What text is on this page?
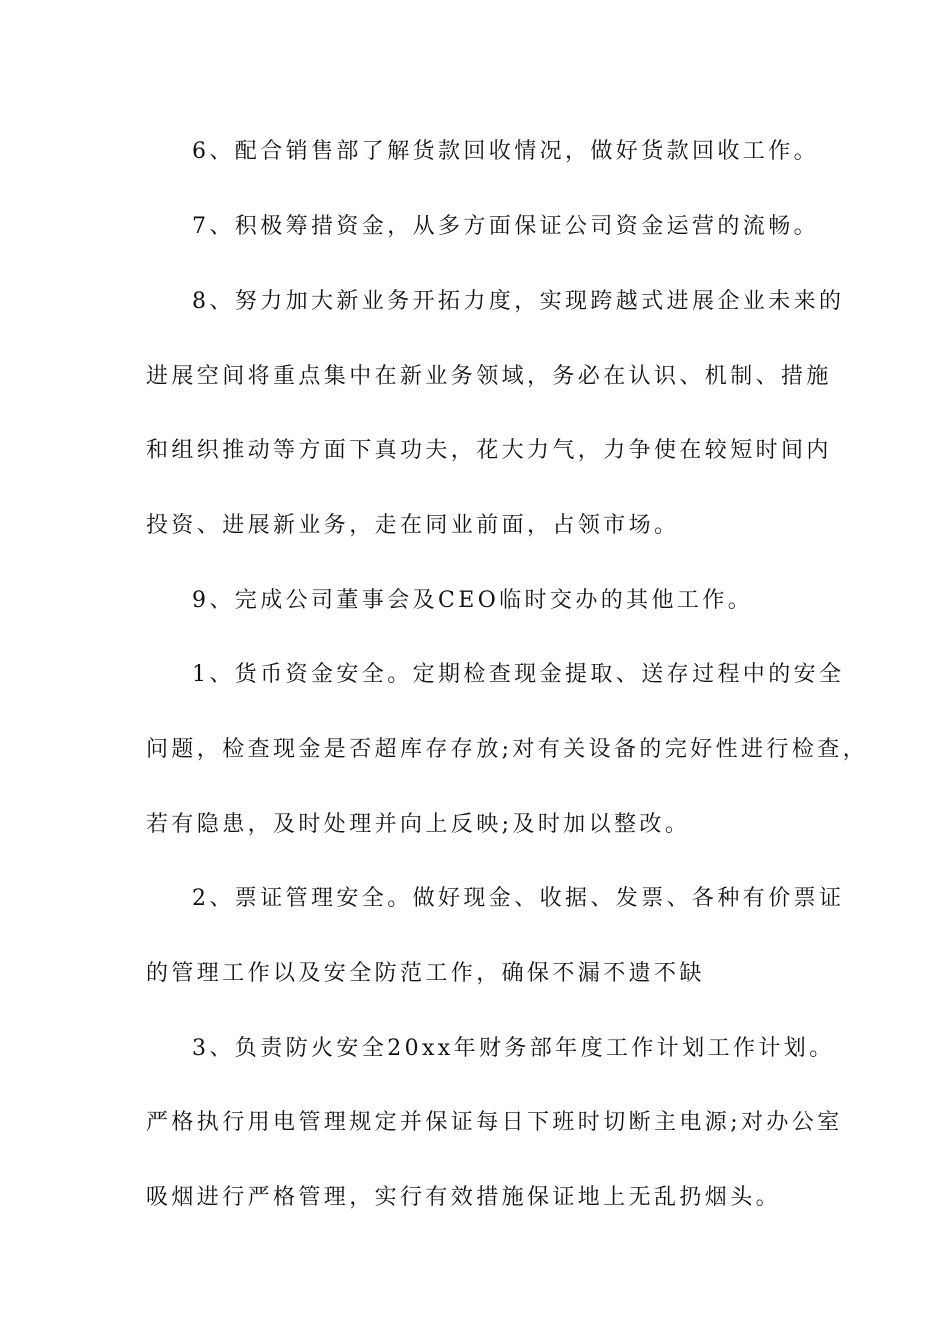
6、配合销售部了解货款回收情况，做好货款回收工作。
7、积极筹措资金，从多方面保证公司资金运营的流畅。
8、努力加大新业务开拓力度，实现跨越式进展企业未来的
进展空间将重点集中在新业务领域，务必在认识、机制、措施
和组织推动等方面下真功夫，花大力气，力争使在较短时间内
投资、进展新业务，走在同业前面，占领市场。
9、完成公司董事会及CEO临时交办的其他工作。
1、货币资金安全。定期检查现金提取、送存过程中的安全
问题，检查现金是否超库存存放;对有关设备的完好性进行检查，
若有隐患，及时处理并向上反映;及时加以整改。
2、票证管理安全。做好现金、收据、发票、各种有价票证
的管理工作以及安全防范工作，确保不漏不遗不缺
3、负责防火安全20xx年财务部年度工作计划工作计划。
严格执行用电管理规定并保证每日下班时切断主电源;对办公室
吸烟进行严格管理，实行有效措施保证地上无乱扔烟头。
